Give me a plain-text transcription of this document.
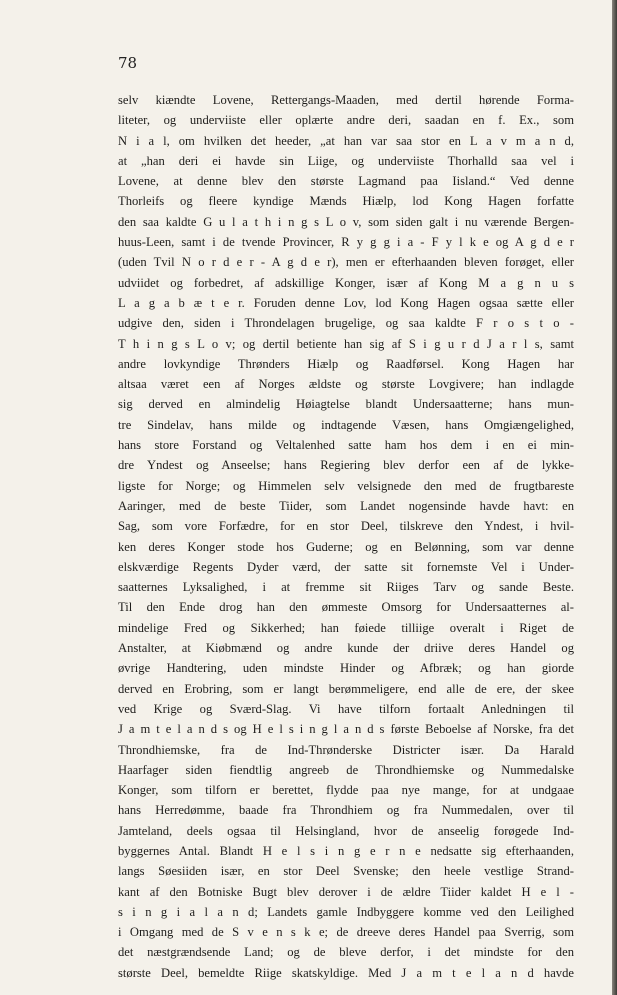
78
selv kiændte Lovene, Rettergangs-Maaden, med dertil hørende Forma-
liteter, og underviiste eller oplærte andre deri, saadan en f. Ex., som
N i a l, om hvilken det heeder, „at han var saa stor en L a v m a n d,
at „han deri ei havde sin Liige, og underviiste Thorhalld saa vel i
Lovene, at denne blev den største Lagmand paa Iisland.“ Ved denne
Thorleifs og fleere kyndige Mænds Hiælp, lod Kong Hagen forfatte
den saa kaldte G u l a t h i n g s L o v, som siden galt i nu værende Bergen-
huus-Leen, samt i de tvende Provincer, R y g g i a - F y l k e og A g d e r
(uden Tvil N o r d e r - A g d e r), men er efterhaanden bleven forøget, eller
udviidet og forbedret, af adskillige Konger, især af Kong M a g n u s
L a g a b æ t e r. Foruden denne Lov, lod Kong Hagen ogsaa sætte eller
udgive den, siden i Throndelagen brugelige, og saa kaldte F r o s t o -
T h i n g s L o v; og dertil betiente han sig af S i g u r d J a r l s, samt
andre lovkyndige Thrønders Hiælp og Raadførsel. Kong Hagen har
altsaa været een af Norges ældste og største Lovgivere; han indlagde
sig derved en almindelig Høiagtelse blandt Undersaatterne; hans mun-
tre Sindelav, hans milde og indtagende Væsen, hans Omgiængelighed,
hans store Forstand og Veltalenhed satte ham hos dem i en ei min-
dre Yndest og Anseelse; hans Regiering blev derfor een af de lykke-
ligste for Norge; og Himmelen selv velsignede den med de frugtbareste
Aaringer, med de beste Tiider, som Landet nogensinde havde havt: en
Sag, som vore Forfædre, for en stor Deel, tilskreve den Yndest, i hvil-
ken deres Konger stode hos Guderne; og en Belønning, som var denne
elskværdige Regents Dyder værd, der satte sit fornemste Vel i Under-
saatternes Lyksalighed, i at fremme sit Riiges Tarv og sande Beste.
Til den Ende drog han den ømmeste Omsorg for Undersaatternes al-
mindelige Fred og Sikkerhed; han føiede tilliige overalt i Riget de
Anstalter, at Kiøbmænd og andre kunde der driive deres Handel og
øvrige Handtering, uden mindste Hinder og Afbræk; og han giorde
derved en Erobring, som er langt berømmeligere, end alle de ere, der skee
ved Krige og Sværd-Slag. Vi have tilforn fortaalt Anledningen til
J a m t e l a n d s og H e l s i n g l a n d s første Beboelse af Norske, fra det
Throndhiemske, fra de Ind-Thrønderske Districter især. Da Harald
Haarfager siden fiendtlig angreeb de Throndhiemske og Nummedalske
Konger, som tilforn er berettet, flydde paa nye mange, for at undgaae
hans Herredømme, baade fra Throndhiem og fra Nummedalen, over til
Jamteland, deels ogsaa til Helsingland, hvor de anseelig forøgede Ind-
byggernes Antal. Blandt H e l s i n g e r n e nedsatte sig efterhaanden,
langs Søesiiden især, en stor Deel Svenske; den heele vestlige Strand-
kant af den Botniske Bugt blev derover i de ældre Tiider kaldet H e l -
s i n g i a l a n d; Landets gamle Indbyggere komme ved den Leilighed
i Omgang med de S v e n s k e; de dreeve deres Handel paa Sverrig, som
det næstgrændsende Land; og de bleve derfor, i det mindste for den
største Deel, bemeldte Riige skatskyldige. Med J a m t e l a n d havde
